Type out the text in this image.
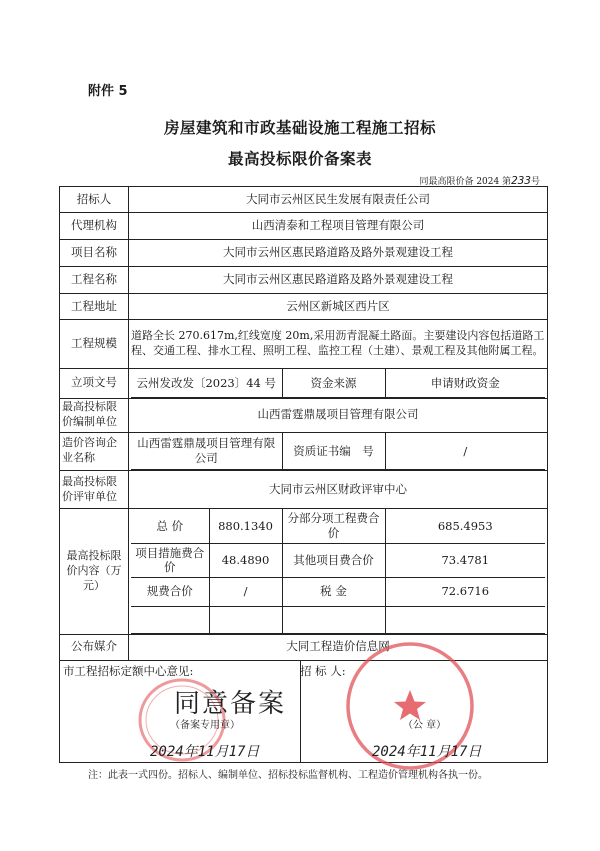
附件 5
房屋建筑和市政基础设施工程施工招标
最高投标限价备案表
同最高限价备 2024 第233号
招标人	大同市云州区民生发展有限责任公司
代理机构	山西清泰和工程项目管理有限公司
项目名称	大同市云州区惠民路道路及路外景观建设工程
工程名称	大同市云州区惠民路道路及路外景观建设工程
工程地址	云州区新城区西片区
工程规模	道路全长 270.617m,红线宽度 20m,采用沥青混凝土路面。主要建设内容包括道路工程、交通工程、排水工程、照明工程、监控工程（土建）、景观工程及其他附属工程。
立项文号	云州发改发〔2023〕44 号	资金来源	申请财政资金

最高投标限价编制单位	山西雷霆鼎晟项目管理有限公司
造价咨询企业名称	
山西雷霆鼎晟项目管理有限公司	资质证书编　号	/

最高投标限价评审单位	大同市云州区财政评审中心
最高投标限价内容（万元）	
总 价	880.1340	分部分项工程费合价	685.4953
项目措施费合价	48.4890	其他项目费合价	73.4781
规费合价	/	税 金	72.6716

公布媒介	大同工程造价信息网

市工程招标定额中心意见:
同意备案
（备案专用章）
2024年11月17日
招 标 人:
（公 章）
2024年11月17日
注：此表一式四份。招标人、编制单位、招标投标监督机构、工程造价管理机构各执一份。
